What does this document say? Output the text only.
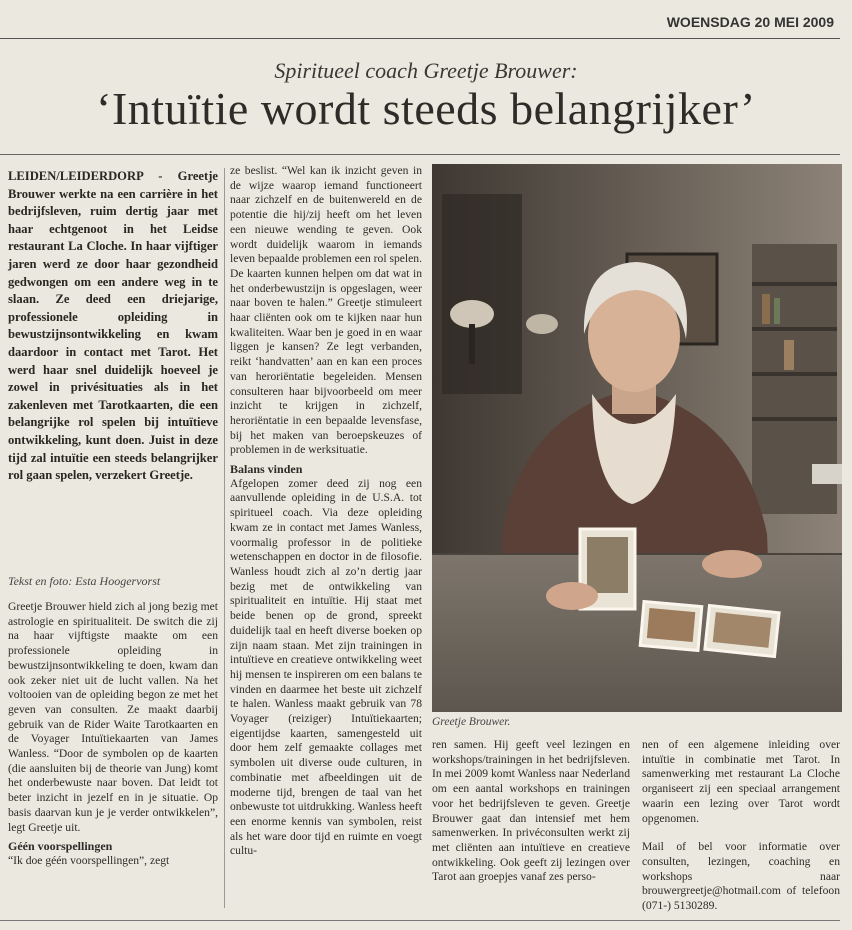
WOENSDAG 20 MEI 2009
Spiritueel coach Greetje Brouwer:
‘Intuïtie wordt steeds belangrijker’

LEIDEN/LEIDERDORP - Greetje Brouwer werkte na een carrière in het bedrijfsleven, ruim dertig jaar met haar echtgenoot in het Leidse restaurant La Cloche. In haar vijftiger jaren werd ze door haar gezondheid gedwongen om een andere weg in te slaan. Ze deed een driejarige, professionele opleiding in bewustzijnsontwikkeling en kwam daardoor in contact met Tarot. Het werd haar snel duidelijk hoeveel je zowel in privésituaties als in het zakenleven met Tarotkaarten, die een belangrijke rol spelen bij intuïtieve ontwikkeling, kunt doen. Juist in deze tijd zal intuïtie een steeds belangrijker rol gaan spelen, verzekert Greetje.

Tekst en foto: Esta Hoogervorst

Greetje Brouwer hield zich al jong bezig met astrologie en spiritualiteit. De switch die zij na haar vijftigste maakte om een professionele opleiding in bewustzijnsontwikkeling te doen, kwam dan ook zeker niet uit de lucht vallen. Na het voltooien van de opleiding begon ze met het geven van consulten. Ze maakt daarbij gebruik van de Rider Waite Tarotkaarten en de Voyager Intuïtiekaarten van James Wanless. “Door de symbolen op de kaarten (die aansluiten bij de theorie van Jung) komt het onderbewuste naar boven. Dat leidt tot beter inzicht in jezelf en in je situatie. Op basis daarvan kun je je verder ontwikkelen”, legt Greetje uit.

Géén voorspellingen

“Ik doe géén voorspellingen”, zegt

ze beslist. “Wel kan ik inzicht geven in de wijze waarop iemand functioneert naar zichzelf en de buitenwereld en de potentie die hij/zij heeft om het leven een nieuwe wending te geven. Ook wordt duidelijk waarom in iemands leven bepaalde problemen een rol spelen. De kaarten kunnen helpen om dat wat in het onderbewustzijn is opgeslagen, weer naar boven te halen.” Greetje stimuleert haar cliënten ook om te kijken naar hun kwaliteiten. Waar ben je goed in en waar liggen je kansen? Ze legt verbanden, reikt ‘handvatten’ aan en kan een proces van heroriëntatie begeleiden. Mensen consulteren haar bijvoorbeeld om meer inzicht te krijgen in zichzelf, heroriëntatie in een bepaalde levensfase, bij het maken van beroepskeuzes of problemen in de werksituatie.

Balans vinden

Afgelopen zomer deed zij nog een aanvullende opleiding in de U.S.A. tot spiritueel coach. Via deze opleiding kwam ze in contact met James Wanless, voormalig professor in de politieke wetenschappen en doctor in de filosofie. Wanless houdt zich al zo’n dertig jaar bezig met de ontwikkeling van spiritualiteit en intuïtie. Hij staat met beide benen op de grond, spreekt duidelijk taal en heeft diverse boeken op zijn naam staan. Met zijn trainingen in intuïtieve en creatieve ontwikkeling weet hij mensen te inspireren om een balans te vinden en daarmee het beste uit zichzelf te halen. Wanless maakt gebruik van 78 Voyager (reiziger) Intuïtiekaarten; eigentijdse kaarten, samengesteld uit door hem zelf gemaakte collages met symbolen uit diverse oude culturen, in combinatie met afbeeldingen uit de moderne tijd, brengen de taal van het onbewuste tot uitdrukking. Wanless heeft een enorme kennis van symbolen, reist als het ware door tijd en ruimte en voegt cultu-

Greetje Brouwer.

ren samen. Hij geeft veel lezingen en workshops/trainingen in het bedrijfsleven. In mei 2009 komt Wanless naar Nederland om een aantal workshops en trainingen voor het bedrijfsleven te geven. Greetje Brouwer gaat dan intensief met hem samenwerken. In privéconsulten werkt zij met cliënten aan intuïtieve en creatieve ontwikkeling. Ook geeft zij lezingen over Tarot aan groepjes vanaf zes perso-

nen of een algemene inleiding over intuïtie in combinatie met Tarot. In samenwerking met restaurant La Cloche organiseert zij een speciaal arrangement waarin een lezing over Tarot wordt opgenomen.

Mail of bel voor informatie over consulten, lezingen, coaching en workshops naar brouwergreetje@hotmail.com of telefoon (071-) 5130289.
